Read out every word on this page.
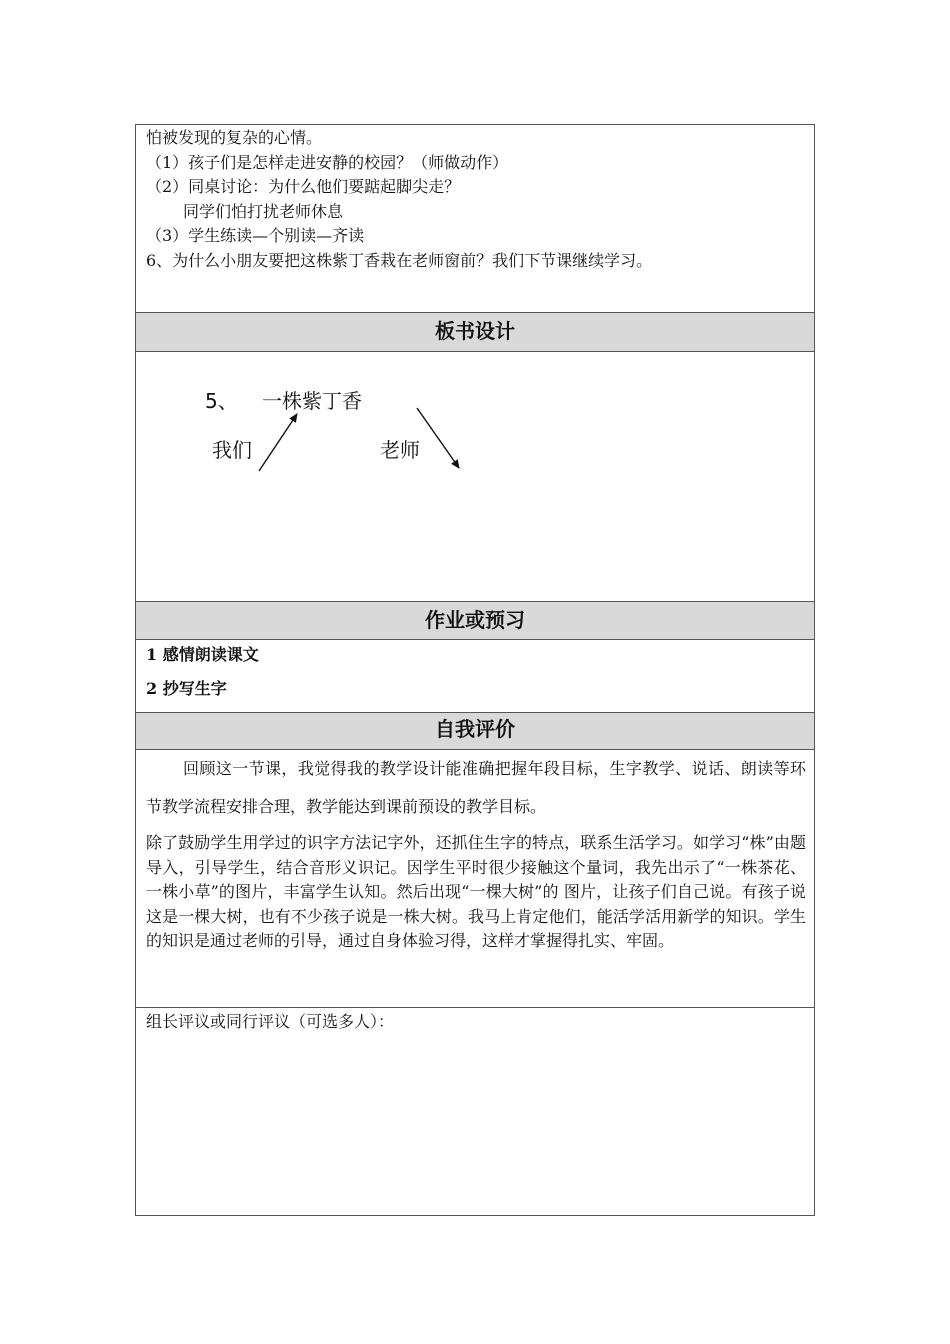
怕被发现的复杂的心情。
（1）孩子们是怎样走进安静的校园？（师做动作）
（2）同桌讨论：为什么他们要踮起脚尖走？
同学们怕打扰老师休息
（3）学生练读—个别读—齐读
6、为什么小朋友要把这株紫丁香栽在老师窗前？我们下节课继续学习。
板书设计
5、 一株紫丁香
我们	老师
作业或预习
1 感情朗读课文
2 抄写生字
自我评价

回顾这一节课，我觉得我的教学设计能准确把握年段目标，生字教学、说话、朗读等环节教学流程安排合理，教学能达到课前预设的教学目标。

除了鼓励学生用学过的识字方法记字外，还抓住生字的特点，联系生活学习。如学习“株”由题导入，引导学生，结合音形义识记。因学生平时很少接触这个量词，我先出示了“一株茶花、一株小草”的图片，丰富学生认知。然后出现“一棵大树”的 图片，让孩子们自己说。有孩子说这是一棵大树，也有不少孩子说是一株大树。我马上肯定他们，能活学活用新学的知识。学生的知识是通过老师的引导，通过自身体验习得，这样才掌握得扎实、牢固。

组长评议或同行评议（可选多人）：
